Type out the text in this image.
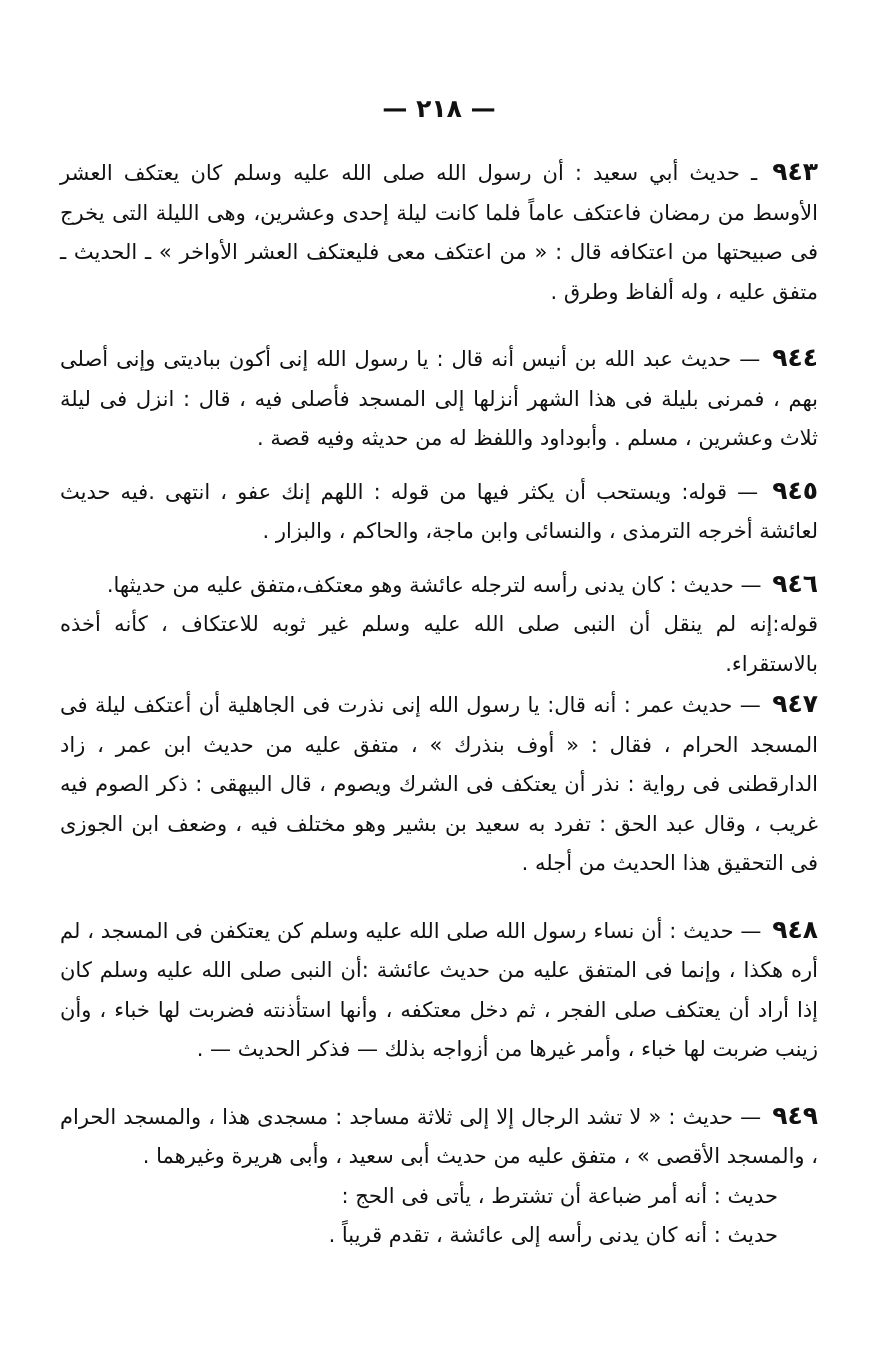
— ٢١٨ —

٩٤٣ ـ حديث أبي سعيد : أن رسول الله صلى الله عليه وسلم كان يعتكف العشر الأوسط من رمضان فاعتكف عاماً فلما كانت ليلة إحدى وعشرين، وهى الليلة التى يخرج فى صبيحتها من اعتكافه قال : « من اعتكف معى فليعتكف العشر الأواخر » ـ الحديث ـ متفق عليه ، وله ألفاظ وطرق .

٩٤٤ — حديث عبد الله بن أنيس أنه قال : يا رسول الله إنى أكون بباديتى وإنى أصلى بهم ، فمرنى بليلة فى هذا الشهر أنزلها إلى المسجد فأصلى فيه ، قال : انزل فى ليلة ثلاث وعشرين ، مسلم . وأبوداود واللفظ له من حديثه وفيه قصة .

٩٤٥ — قوله: ويستحب أن يكثر فيها من قوله : اللهم إنك عفو ، انتهى .فيه حديث لعائشة أخرجه الترمذى ، والنسائى وابن ماجة، والحاكم ، والبزار .

٩٤٦ — حديث : كان يدنى رأسه لترجله عائشة وهو معتكف،متفق عليه من حديثها.

قوله:إنه لم ينقل أن النبى صلى الله عليه وسلم غير ثوبه للاعتكاف ، كأنه أخذه بالاستقراء.

٩٤٧ — حديث عمر : أنه قال: يا رسول الله إنى نذرت فى الجاهلية أن أعتكف ليلة فى المسجد الحرام ، فقال : « أوف بنذرك » ، متفق عليه من حديث ابن عمر ، زاد الدارقطنى فى رواية : نذر أن يعتكف فى الشرك ويصوم ، قال البيهقى : ذكر الصوم فيه غريب ، وقال عبد الحق : تفرد به سعيد بن بشير وهو مختلف فيه ، وضعف ابن الجوزى فى التحقيق هذا الحديث من أجله .

٩٤٨ — حديث : أن نساء رسول الله صلى الله عليه وسلم كن يعتكفن فى المسجد ، لم أره هكذا ، وإنما فى المتفق عليه من حديث عائشة :أن النبى صلى الله عليه وسلم كان إذا أراد أن يعتكف صلى الفجر ، ثم دخل معتكفه ، وأنها استأذنته فضربت لها خباء ، وأن زينب ضربت لها خباء ، وأمر غيرها من أزواجه بذلك — فذكر الحديث — .

٩٤٩ — حديث : « لا تشد الرجال إلا إلى ثلاثة مساجد : مسجدى هذا ، والمسجد الحرام ، والمسجد الأقصى » ، متفق عليه من حديث أبى سعيد ، وأبى هريرة وغيرهما .

حديث : أنه أمر ضباعة أن تشترط ، يأتى فى الحج :
حديث : أنه كان يدنى رأسه إلى عائشة ، تقدم قريباً .
